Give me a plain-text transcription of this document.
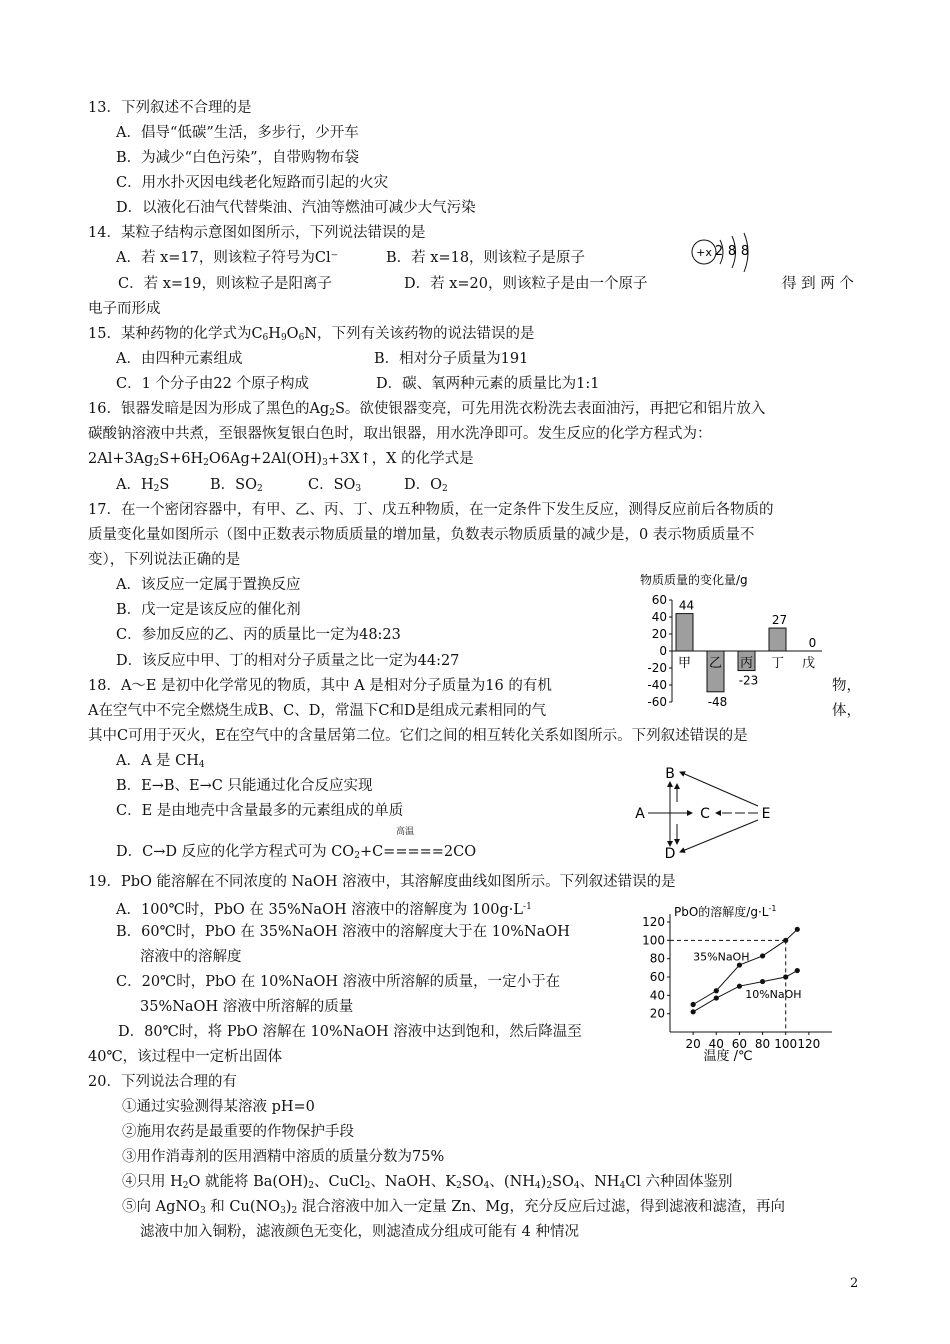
13．下列叙述不合理的是
A．倡导“低碳”生活，多步行，少开车
B．为减少“白色污染”，自带购物布袋
C．用水扑灭因电线老化短路而引起的火灾
D．以液化石油气代替柴油、汽油等燃油可减少大气污染
14．某粒子结构示意图如图所示，下列说法错误的是
A．若 x=17，则该粒子符号为Cl⁻	B．若 x=18，则该粒子是原子
C．若 x=19，则该粒子是阳离子	D．若 x=20，则该粒子是由一个原子	得 到 两 个
电子而形成
+x 2 8 8
15．某种药物的化学式为$C_6H_9O_6N$，下列有关该药物的说法错误的是
A．由四种元素组成	B．相对分子质量为191
C．1 个分子由22 个原子构成	D．碳、氧两种元素的质量比为1:1
16．银器发暗是因为形成了黑色的$Ag_2S$。欲使银器变亮，可先用洗衣粉洗去表面油污，再把它和铝片放入
碳酸钠溶液中共煮，至银器恢复银白色时，取出银器，用水洗净即可。发生反应的化学方程式为：
$2Al+3Ag_2S+6H_2O6Ag+2Al(OH)_3+3X↑$，X 的化学式是
A．$H_2S$	B．$SO_2$	C．$SO_3$	D．$O_2$
17．在一个密闭容器中，有甲、乙、丙、丁、戊五种物质，在一定条件下发生反应，测得反应前后各物质的
质量变化量如图所示（图中正数表示物质质量的增加量，负数表示物质质量的减少是，0 表示物质质量不
变），下列说法正确的是
A．该反应一定属于置换反应
B．戊一定是该反应的催化剂
C．参加反应的乙、丙的质量比一定为48:23
D．该反应中甲、丁的相对分子质量之比一定为44:27
物质质量的变化量/g
60
40
20
0
-20
-40
-60
44
甲
-48
乙
-23
丙
27
丁
0
戊
18．A～E 是初中化学常见的物质，其中 A 是相对分子质量为16 的有机	物，
A在空气中不完全燃烧生成B、C、D，常温下C和D是组成元素相同的气	体，
其中C可用于灭火，E在空气中的含量居第二位。它们之间的相互转化关系如图所示。下列叙述错误的是
A．A 是 $CH_4$
B．E→B、E→C 只能通过化合反应实现
C．E 是由地壳中含量最多的元素组成的单质
D．C→D 反应的化学方程式可为 $CO_2+C=====2CO$
高温
B
A	C	E
D
19．PbO 能溶解在不同浓度的 NaOH 溶液中，其溶解度曲线如图所示。下列叙述错误的是
A．100℃时，PbO 在 35%NaOH 溶液中的溶解度为 $100g\cdot L^{-1}$
B．60℃时，PbO 在 35%NaOH 溶液中的溶解度大于在 10%NaOH
溶液中的溶解度
C．20℃时，PbO 在 10%NaOH 溶液中所溶解的质量，一定小于在
35%NaOH 溶液中所溶解的质量
D．80℃时，将 PbO 溶解在 10%NaOH 溶液中达到饱和，然后降温至
40℃，该过程中一定析出固体
PbO的溶解度$/g\cdot L^{-1}$
20
40
60
80
100
120
20 40 60 80 100 120
35%NaOH
10%NaOH
温度 /℃
20．下列说法合理的有
①通过实验测得某溶液 pH=0
②施用农药是最重要的作物保护手段
③用作消毒剂的医用酒精中溶质的质量分数为75%
④只用 $H_2O$ 就能将 $Ba(OH)_2$、CuCl$_2$、NaOH、$K_2SO_4$、$(NH_4)_2SO_4$、$NH_4Cl$ 六种固体鉴别
⑤向 AgNO$_3$ 和 $Cu(NO_3)_2$ 混合溶液中加入一定量 Zn、Mg，充分反应后过滤，得到滤液和滤渣，再向
滤液中加入铜粉，滤液颜色无变化，则滤渣成分组成可能有 4 种情况
2
